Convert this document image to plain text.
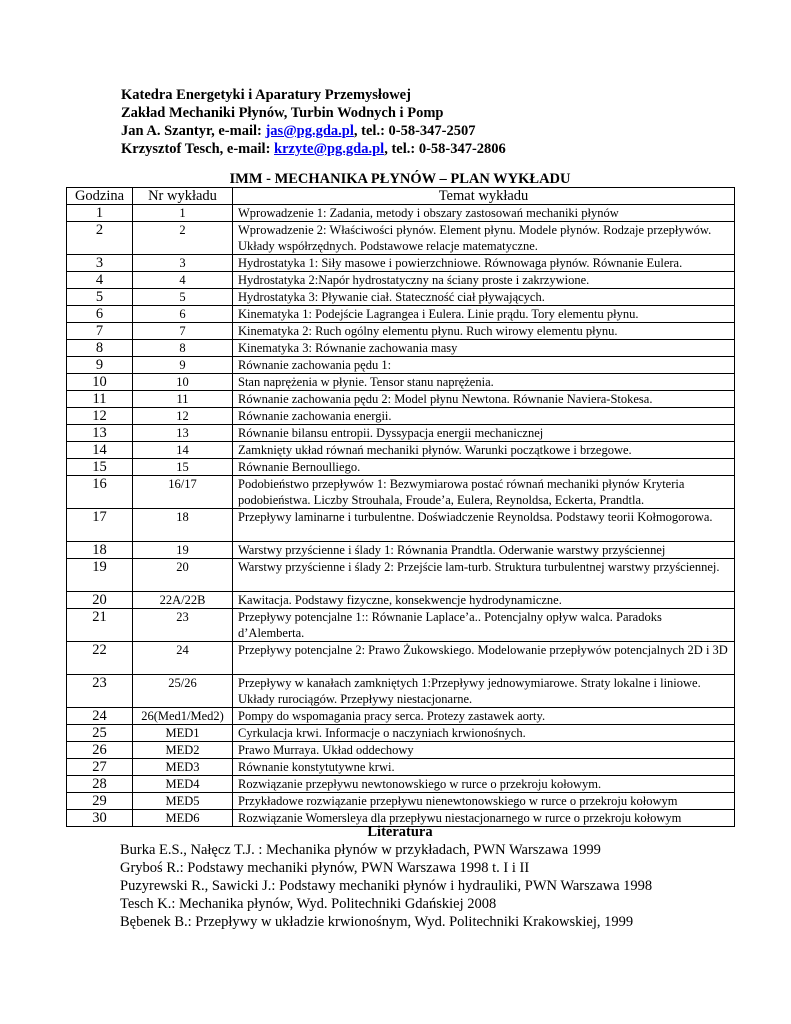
Katedra Energetyki i Aparatury Przemysłowej
Zakład Mechaniki Płynów, Turbin Wodnych i Pomp
Jan A. Szantyr, e-mail: jas@pg.gda.pl, tel.: 0-58-347-2507
Krzysztof Tesch, e-mail: krzyte@pg.gda.pl, tel.: 0-58-347-2806
IMM - MECHANIKA PŁYNÓW – PLAN WYKŁADU
Godzina	Nr wykładu	Temat wykładu
1	1	Wprowadzenie 1: Zadania, metody i obszary zastosowań mechaniki płynów
2	2	Wprowadzenie 2: Właściwości płynów. Element płynu. Modele płynów. Rodzaje przepływów. Układy współrzędnych. Podstawowe relacje matematyczne.
3	3	Hydrostatyka 1: Siły masowe i powierzchniowe. Równowaga płynów. Równanie Eulera.
4	4	Hydrostatyka 2:Napór hydrostatyczny na ściany proste i zakrzywione.
5	5	Hydrostatyka 3: Pływanie ciał. Stateczność ciał pływających.
6	6	Kinematyka 1: Podejście Lagrangea i Eulera. Linie prądu. Tory elementu płynu.
7	7	Kinematyka 2: Ruch ogólny elementu płynu. Ruch wirowy elementu płynu.
8	8	Kinematyka 3: Równanie zachowania masy
9	9	Równanie zachowania pędu 1:
10	10	Stan naprężenia w płynie. Tensor stanu naprężenia.
11	11	Równanie zachowania pędu 2: Model płynu Newtona. Równanie Naviera-Stokesa.
12	12	Równanie zachowania energii.
13	13	Równanie bilansu entropii. Dyssypacja energii mechanicznej
14	14	Zamknięty układ równań mechaniki płynów. Warunki początkowe i brzegowe.
15	15	Równanie Bernoulliego.
16	16/17	Podobieństwo przepływów 1: Bezwymiarowa postać równań mechaniki płynów Kryteria podobieństwa. Liczby Strouhala, Froude’a, Eulera, Reynoldsa, Eckerta, Prandtla.
17	18	Przepływy laminarne i turbulentne. Doświadczenie Reynoldsa. Podstawy teorii Kołmogorowa.
18	19	Warstwy przyścienne i ślady 1: Równania Prandtla. Oderwanie warstwy przyściennej
19	20	Warstwy przyścienne i ślady 2: Przejście lam-turb. Struktura turbulentnej warstwy przyściennej.
20	22A/22B	Kawitacja. Podstawy fizyczne, konsekwencje hydrodynamiczne.
21	23	Przepływy potencjalne 1:: Równanie Laplace’a.. Potencjalny opływ walca. Paradoks d’Alemberta.
22	24	Przepływy potencjalne 2: Prawo Żukowskiego. Modelowanie przepływów potencjalnych 2D i 3D
23	25/26	Przepływy w kanałach zamkniętych 1:Przepływy jednowymiarowe. Straty lokalne i liniowe. Układy rurociągów. Przepływy niestacjonarne.
24	26(Med1/Med2)	Pompy do wspomagania pracy serca. Protezy zastawek aorty.
25	MED1	Cyrkulacja krwi. Informacje o naczyniach krwionośnych.
26	MED2	Prawo Murraya. Układ oddechowy
27	MED3	Równanie konstytutywne krwi.
28	MED4	Rozwiązanie przepływu newtonowskiego w rurce o przekroju kołowym.
29	MED5	Przykładowe rozwiązanie przepływu nienewtonowskiego w rurce o przekroju kołowym
30	MED6	Rozwiązanie Womersleya dla przepływu niestacjonarnego w rurce o przekroju kołowym
Literatura
Burka E.S., Nałęcz T.J. : Mechanika płynów w przykładach, PWN Warszawa 1999
Gryboś R.: Podstawy mechaniki płynów, PWN Warszawa 1998 t. I i II
Puzyrewski R., Sawicki J.: Podstawy mechaniki płynów i hydrauliki, PWN Warszawa 1998
Tesch K.: Mechanika płynów, Wyd. Politechniki Gdańskiej 2008
Bębenek B.: Przepływy w układzie krwionośnym, Wyd. Politechniki Krakowskiej, 1999
